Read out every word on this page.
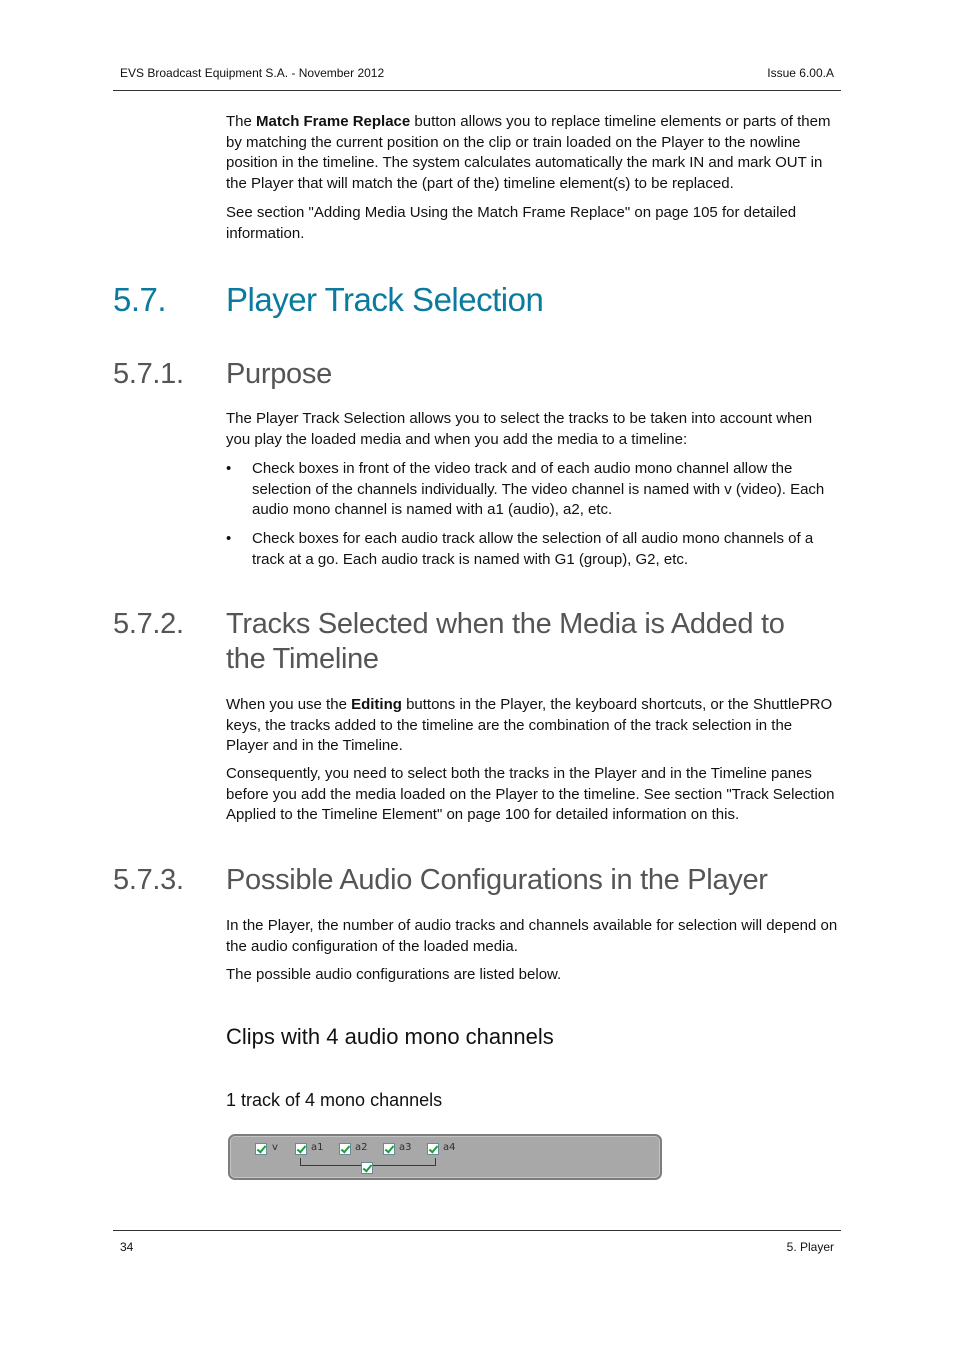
EVS Broadcast Equipment S.A. - November 2012	Issue 6.00.A

The Match Frame Replace button allows you to replace timeline elements or parts of them by matching the current position on the clip or train loaded on the Player to the nowline position in the timeline. The system calculates automatically the mark IN and mark OUT in the Player that will match the (part of the) timeline element(s) to be replaced.

See section "Adding Media Using the Match Frame Replace" on page 105 for detailed information.

5.7. Player Track Selection
5.7.1. Purpose

The Player Track Selection allows you to select the tracks to be taken into account when you play the loaded media and when you add the media to a timeline:

• Check boxes in front of the video track and of each audio mono channel allow the selection of the channels individually. The video channel is named with v (video). Each audio mono channel is named with a1 (audio), a2, etc.
• Check boxes for each audio track allow the selection of all audio mono channels of a track at a go. Each audio track is named with G1 (group), G2, etc.
5.7.2. Tracks Selected when the Media is Added to
the Timeline

When you use the Editing buttons in the Player, the keyboard shortcuts, or the ShuttlePRO keys, the tracks added to the timeline are the combination of the track selection in the Player and in the Timeline.

Consequently, you need to select both the tracks in the Player and in the Timeline panes before you add the media loaded on the Player to the timeline. See section "Track Selection Applied to the Timeline Element" on page 100 for detailed information on this.

5.7.3. Possible Audio Configurations in the Player

In the Player, the number of audio tracks and channels available for selection will depend on the audio configuration of the loaded media.

The possible audio configurations are listed below.

Clips with 4 audio mono channels
1 track of 4 mono channels
v	a1	a2	a3	a4
34	5. Player
